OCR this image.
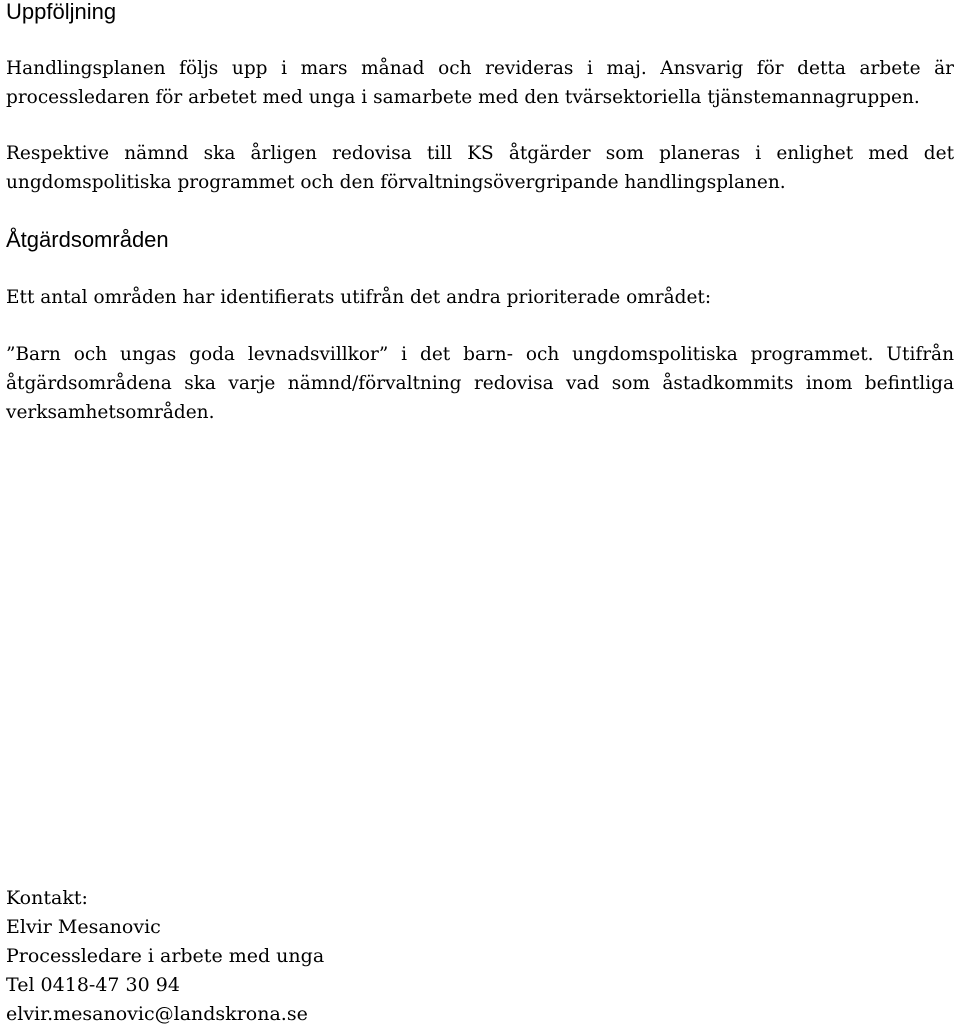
Uppföljning

Handlingsplanen följs upp i mars månad och revideras i maj. Ansvarig för detta arbete är processledaren för arbetet med unga i samarbete med den tvärsektoriella tjänstemannagruppen.

Respektive nämnd ska årligen redovisa till KS åtgärder som planeras i enlighet med det ungdomspolitiska programmet och den förvaltningsövergripande handlingsplanen.

Åtgärdsområden

Ett antal områden har identifierats utifrån det andra prioriterade området:

”Barn och ungas goda levnadsvillkor” i det barn- och ungdomspolitiska programmet. Utifrån åtgärdsområdena ska varje nämnd/förvaltning redovisa vad som åstadkommits inom befintliga verksamhetsområden.

Kontakt:
Elvir Mesanovic
Processledare i arbete med unga
Tel 0418-47 30 94
elvir.mesanovic@landskrona.se
